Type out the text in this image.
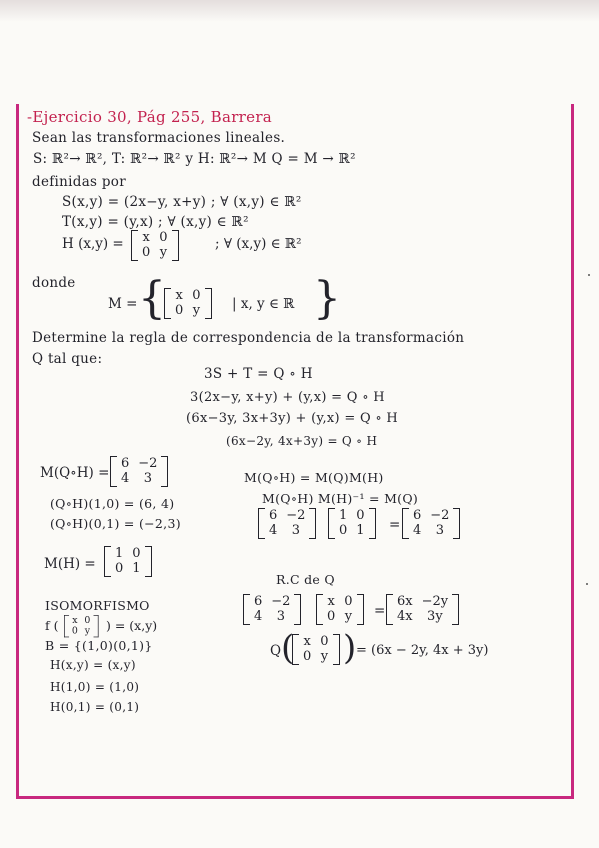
-Ejercicio 30, Pág 255, Barrera
Sean las transformaciones lineales.
S: ℝ²→ ℝ², T: ℝ²→ ℝ² y H: ℝ²→ M Q = M → ℝ²
definidas por
S(x,y) = (2x−y, x+y) ; ∀ (x,y) ∈ ℝ²
T(x,y) = (y,x) ; ∀ (x,y) ∈ ℝ²
H (x,y) = x 0
0 y
; ∀ (x,y) ∈ ℝ²
donde
M = { x 0
0 y | x, y ∈ ℝ }
Determine la regla de correspondencia de la transformación
Q tal que:
3S + T = Q ∘ H
3(2x−y, x+y) + (y,x) = Q ∘ H
(6x−3y, 3x+3y) + (y,x) = Q ∘ H
(6x−2y, 4x+3y) = Q ∘ H
M(Q∘H) =
6 −2
4	3
(Q∘H)(1,0) = (6, 4)
(Q∘H)(0,1) = (−2,3)
M(H) =
1 0
0 1
ISOMORFISMO
f ( x 0
0 y ) = (x,y)
B = {(1,0)(0,1)}
H(x,y) = (x,y)
H(1,0) = (1,0)
H(0,1) = (0,1)
M(Q∘H) = M(Q)M(H)
M(Q∘H) M(H)⁻¹ = M(Q)
6 −2
4	3
1 0
0 1 =
6 −2
4	3
R.C de Q
6 −2
4	3
x 0
0 y =
6x −2y
4x	3y
Q ( x 0
0 y ) = (6x − 2y, 4x + 3y)
